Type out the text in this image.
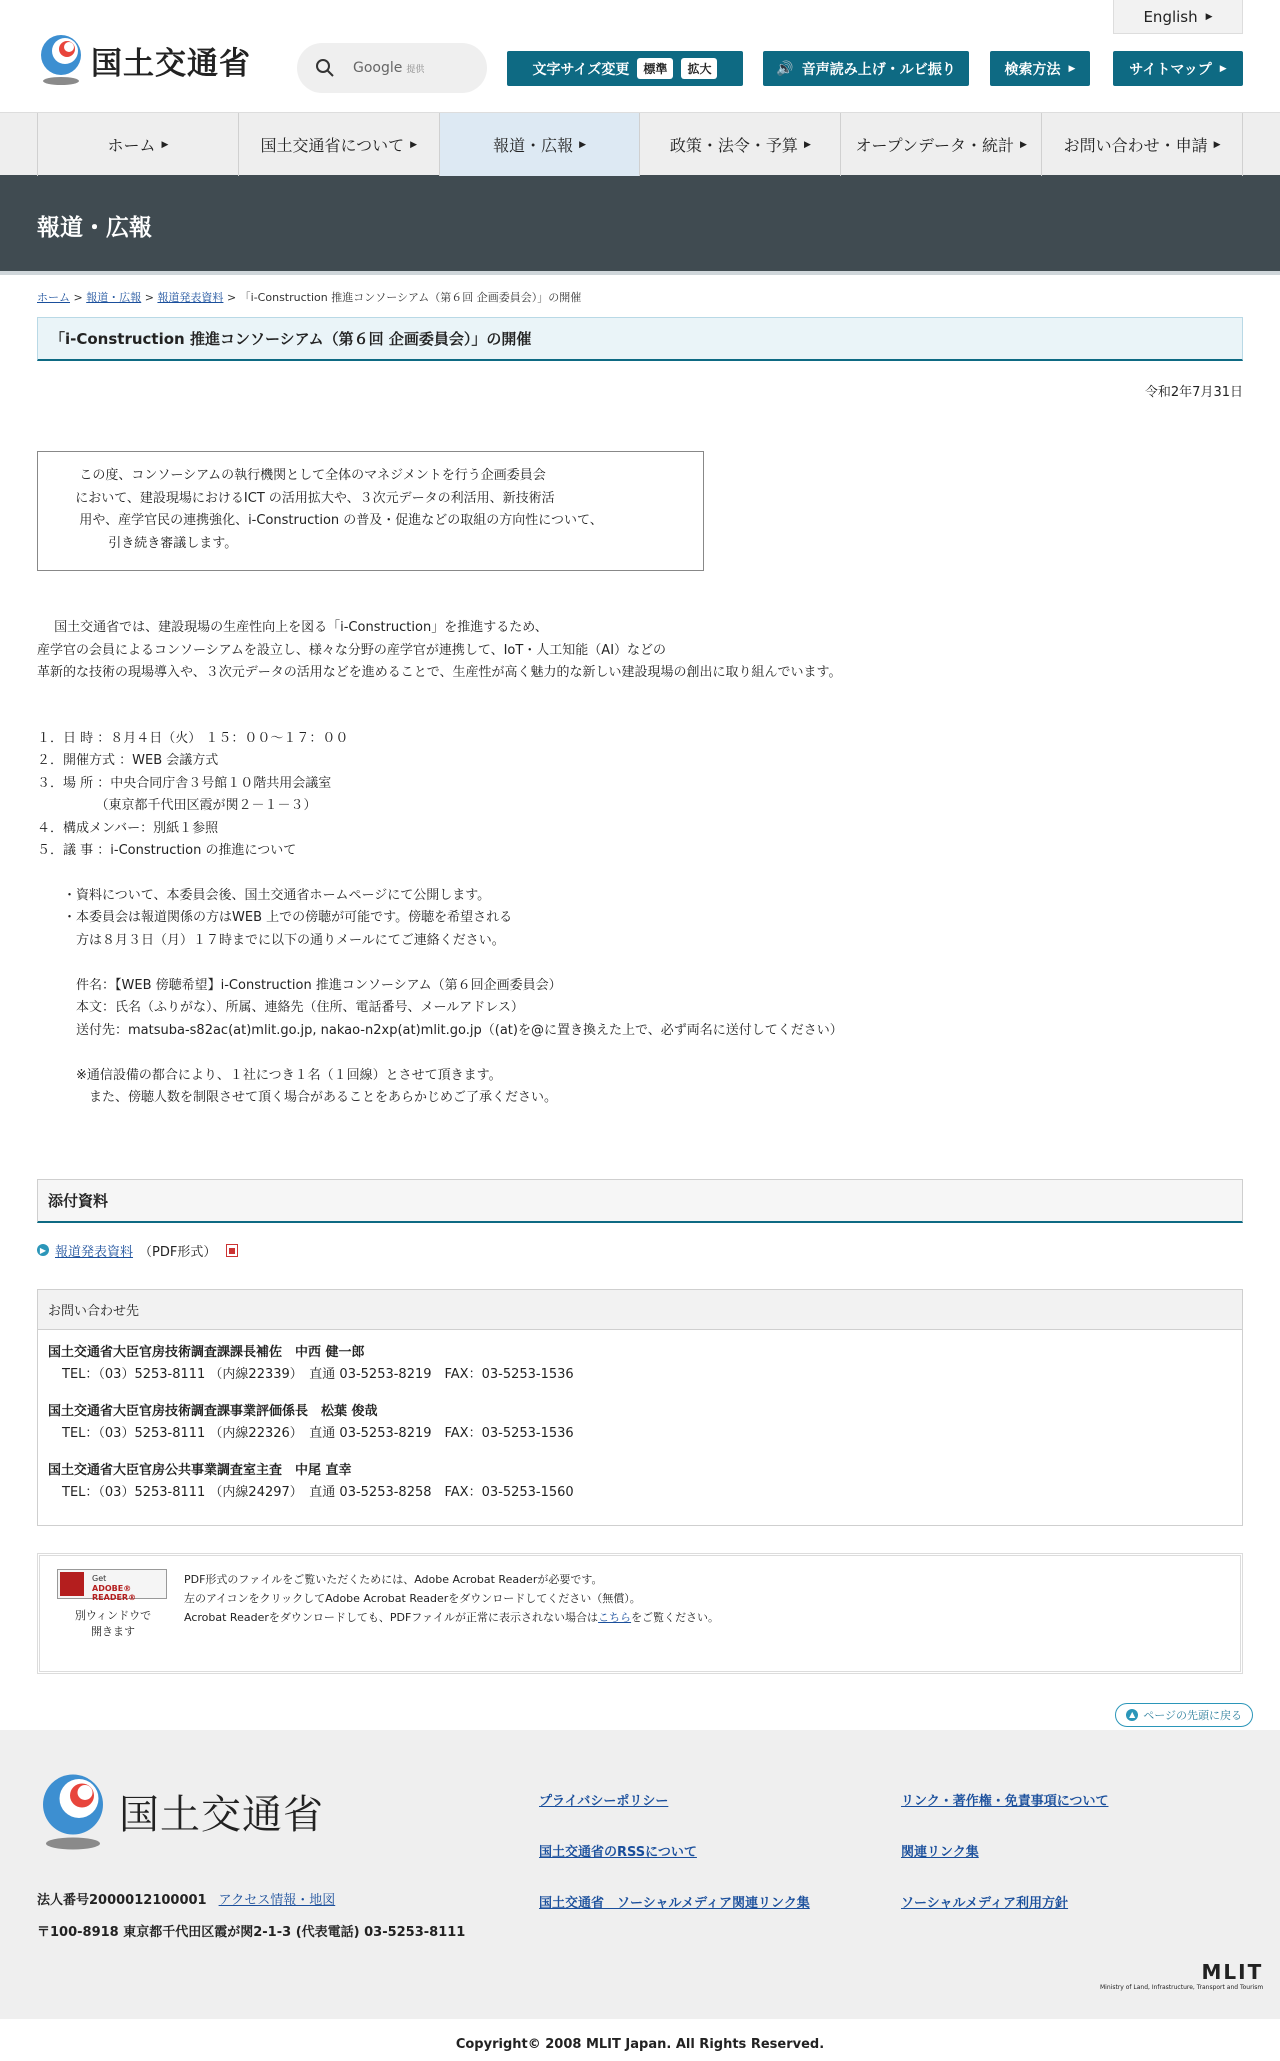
国土交通省	Google 提供
English ▶
文字サイズ変更	標準	拡大	🔊 音声読み上げ・ルビ振り	検索方法 ▶	サイトマップ ▶
ホーム ▶	国土交通省について ▶	報道・広報 ▶	政策・法令・予算 ▶	オープンデータ・統計 ▶ お問い合わせ・申請 ▶
報道・広報
ホーム > 報道・広報 > 報道発表資料 > 「i-Construction 推進コンソーシアム（第６回 企画委員会）」の開催
「i-Construction 推進コンソーシアム（第６回 企画委員会）」の開催
令和2年7月31日

この度、コンソーシアムの執行機関として全体のマネジメントを行う企画委員会

において、建設現場におけるICT の活用拡大や、３次元データの利活用、新技術活

用や、産学官民の連携強化、i-Construction の普及・促進などの取組の方向性について、

引き続き審議します。

　 国土交通省では、建設現場の生産性向上を図る「i-Construction」を推進するため、

産学官の会員によるコンソーシアムを設立し、様々な分野の産学官が連携して、IoT・人工知能（AI）などの

革新的な技術の現場導入や、３次元データの活用などを進めることで、生産性が高く魅力的な新しい建設現場の創出に取り組んでいます。

１．日 時 ：８月４日（火） １５：００～１７：００

２．開催方式 ：WEB 会議方式

３．場 所 ：中央合同庁舎３号館１０階共用会議室

　　　　　（東京都千代田区霞が関２－１－３）

４．構成メンバー：別紙１参照

５．議 事 ：i-Construction の推進について

　　・資料について、本委員会後、国土交通省ホームページにて公開します。

　　・本委員会は報道関係の方はWEB 上での傍聴が可能です。傍聴を希望される

　　　方は８月３日（月）１７時までに以下の通りメールにてご連絡ください。

　　　件名：【WEB 傍聴希望】i-Construction 推進コンソーシアム（第６回企画委員会）

　　　本文：氏名（ふりがな）、所属、連絡先（住所、電話番号、メールアドレス）

　　　送付先：matsuba-s82ac(at)mlit.go.jp, nakao-n2xp(at)mlit.go.jp（(at)を@に置き換えた上で、必ず両名に送付してください）

　　　※通信設備の都合により、１社につき１名（１回線）とさせて頂きます。

　　　　また、傍聴人数を制限させて頂く場合があることをあらかじめご了承ください。

添付資料
▶ 報道発表資料 （PDF形式）
お問い合わせ先
国土交通省大臣官房技術調査課課長補佐　中西 健一郎
TEL：（03）5253-8111 （内線22339）　直通 03-5253-8219　FAX：03-5253-1536
国土交通省大臣官房技術調査課事業評価係長　松葉 俊哉
TEL：（03）5253-8111 （内線22326）　直通 03-5253-8219　FAX：03-5253-1536
国土交通省大臣官房公共事業調査室主査　中尾 直幸
TEL：（03）5253-8111 （内線24297）　直通 03-5253-8258　FAX：03-5253-1560
Get
ADOBE® READER®
別ウィンドウで
開きます
PDF形式のファイルをご覧いただくためには、Adobe Acrobat Readerが必要です。
左のアイコンをクリックしてAdobe Acrobat Readerをダウンロードしてください（無償）。
Acrobat Readerをダウンロードしても、PDFファイルが正常に表示されない場合はこちらをご覧ください。
▲ ページの先頭に戻る
国土交通省
法人番号2000012100001 アクセス情報・地図
〒100-8918 東京都千代田区霞が関2-1-3 (代表電話) 03-5253-8111
プライバシーポリシー
国土交通省のRSSについて
国土交通省　ソーシャルメディア関連リンク集
リンク・著作権・免責事項について
関連リンク集
ソーシャルメディア利用方針
MLIT
Ministry of Land, Infrastructure, Transport and Tourism
Copyright© 2008 MLIT Japan. All Rights Reserved.
